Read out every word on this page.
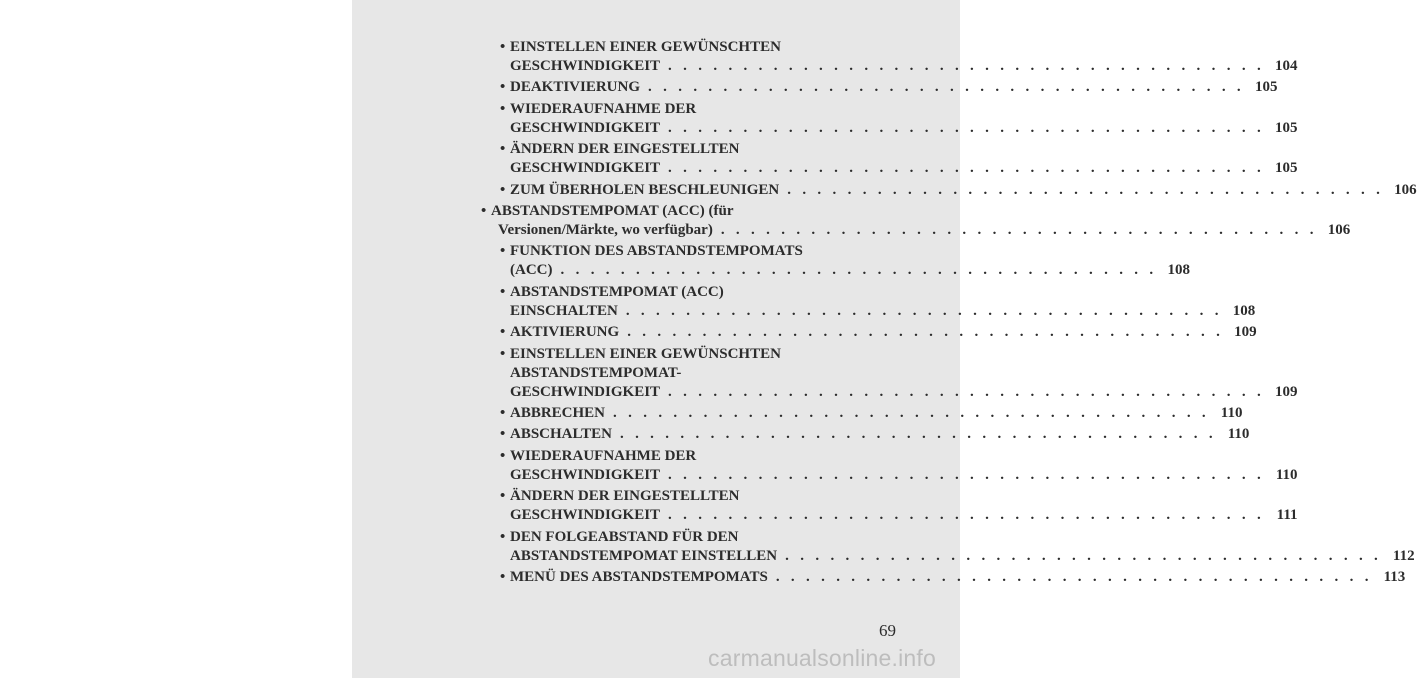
• EINSTELLEN EINER GEWÜNSCHTEN
GESCHWINDIGKEIT . . . . . . . . . . . . . . . . . . . . . . . . . . . . . . . . . . . . . . . . 104
• DEAKTIVIERUNG . . . . . . . . . . . . . . . . . . . . . . . . . . . . . . . . . . . . . . . . 105
• WIEDERAUFNAHME DER
GESCHWINDIGKEIT . . . . . . . . . . . . . . . . . . . . . . . . . . . . . . . . . . . . . . . . 105
• ÄNDERN DER EINGESTELLTEN
GESCHWINDIGKEIT . . . . . . . . . . . . . . . . . . . . . . . . . . . . . . . . . . . . . . . . 105
• ZUM ÜBERHOLEN BESCHLEUNIGEN . . . . . . . . . . . . . . . . . . . . . . . . . . . . . . . . . . . . . . . . 106
• ABSTANDSTEMPOMAT (ACC) (für
Versionen/Märkte, wo verfügbar) . . . . . . . . . . . . . . . . . . . . . . . . . . . . . . . . . . . . . . . . 106
• FUNKTION DES ABSTANDSTEMPOMATS
(ACC) . . . . . . . . . . . . . . . . . . . . . . . . . . . . . . . . . . . . . . . . 108
• ABSTANDSTEMPOMAT (ACC)
EINSCHALTEN . . . . . . . . . . . . . . . . . . . . . . . . . . . . . . . . . . . . . . . . 108
• AKTIVIERUNG . . . . . . . . . . . . . . . . . . . . . . . . . . . . . . . . . . . . . . . . 109
• EINSTELLEN EINER GEWÜNSCHTEN
ABSTANDSTEMPOMAT-
GESCHWINDIGKEIT . . . . . . . . . . . . . . . . . . . . . . . . . . . . . . . . . . . . . . . . 109
• ABBRECHEN . . . . . . . . . . . . . . . . . . . . . . . . . . . . . . . . . . . . . . . . 110
• ABSCHALTEN . . . . . . . . . . . . . . . . . . . . . . . . . . . . . . . . . . . . . . . . 110
• WIEDERAUFNAHME DER
GESCHWINDIGKEIT . . . . . . . . . . . . . . . . . . . . . . . . . . . . . . . . . . . . . . . . 110
• ÄNDERN DER EINGESTELLTEN
GESCHWINDIGKEIT . . . . . . . . . . . . . . . . . . . . . . . . . . . . . . . . . . . . . . . . 111
• DEN FOLGEABSTAND FÜR DEN
ABSTANDSTEMPOMAT EINSTELLEN . . . . . . . . . . . . . . . . . . . . . . . . . . . . . . . . . . . . . . . . 112
• MENÜ DES ABSTANDSTEMPOMATS . . . . . . . . . . . . . . . . . . . . . . . . . . . . . . . . . . . . . . . . 113
69
carmanualsonline.info
